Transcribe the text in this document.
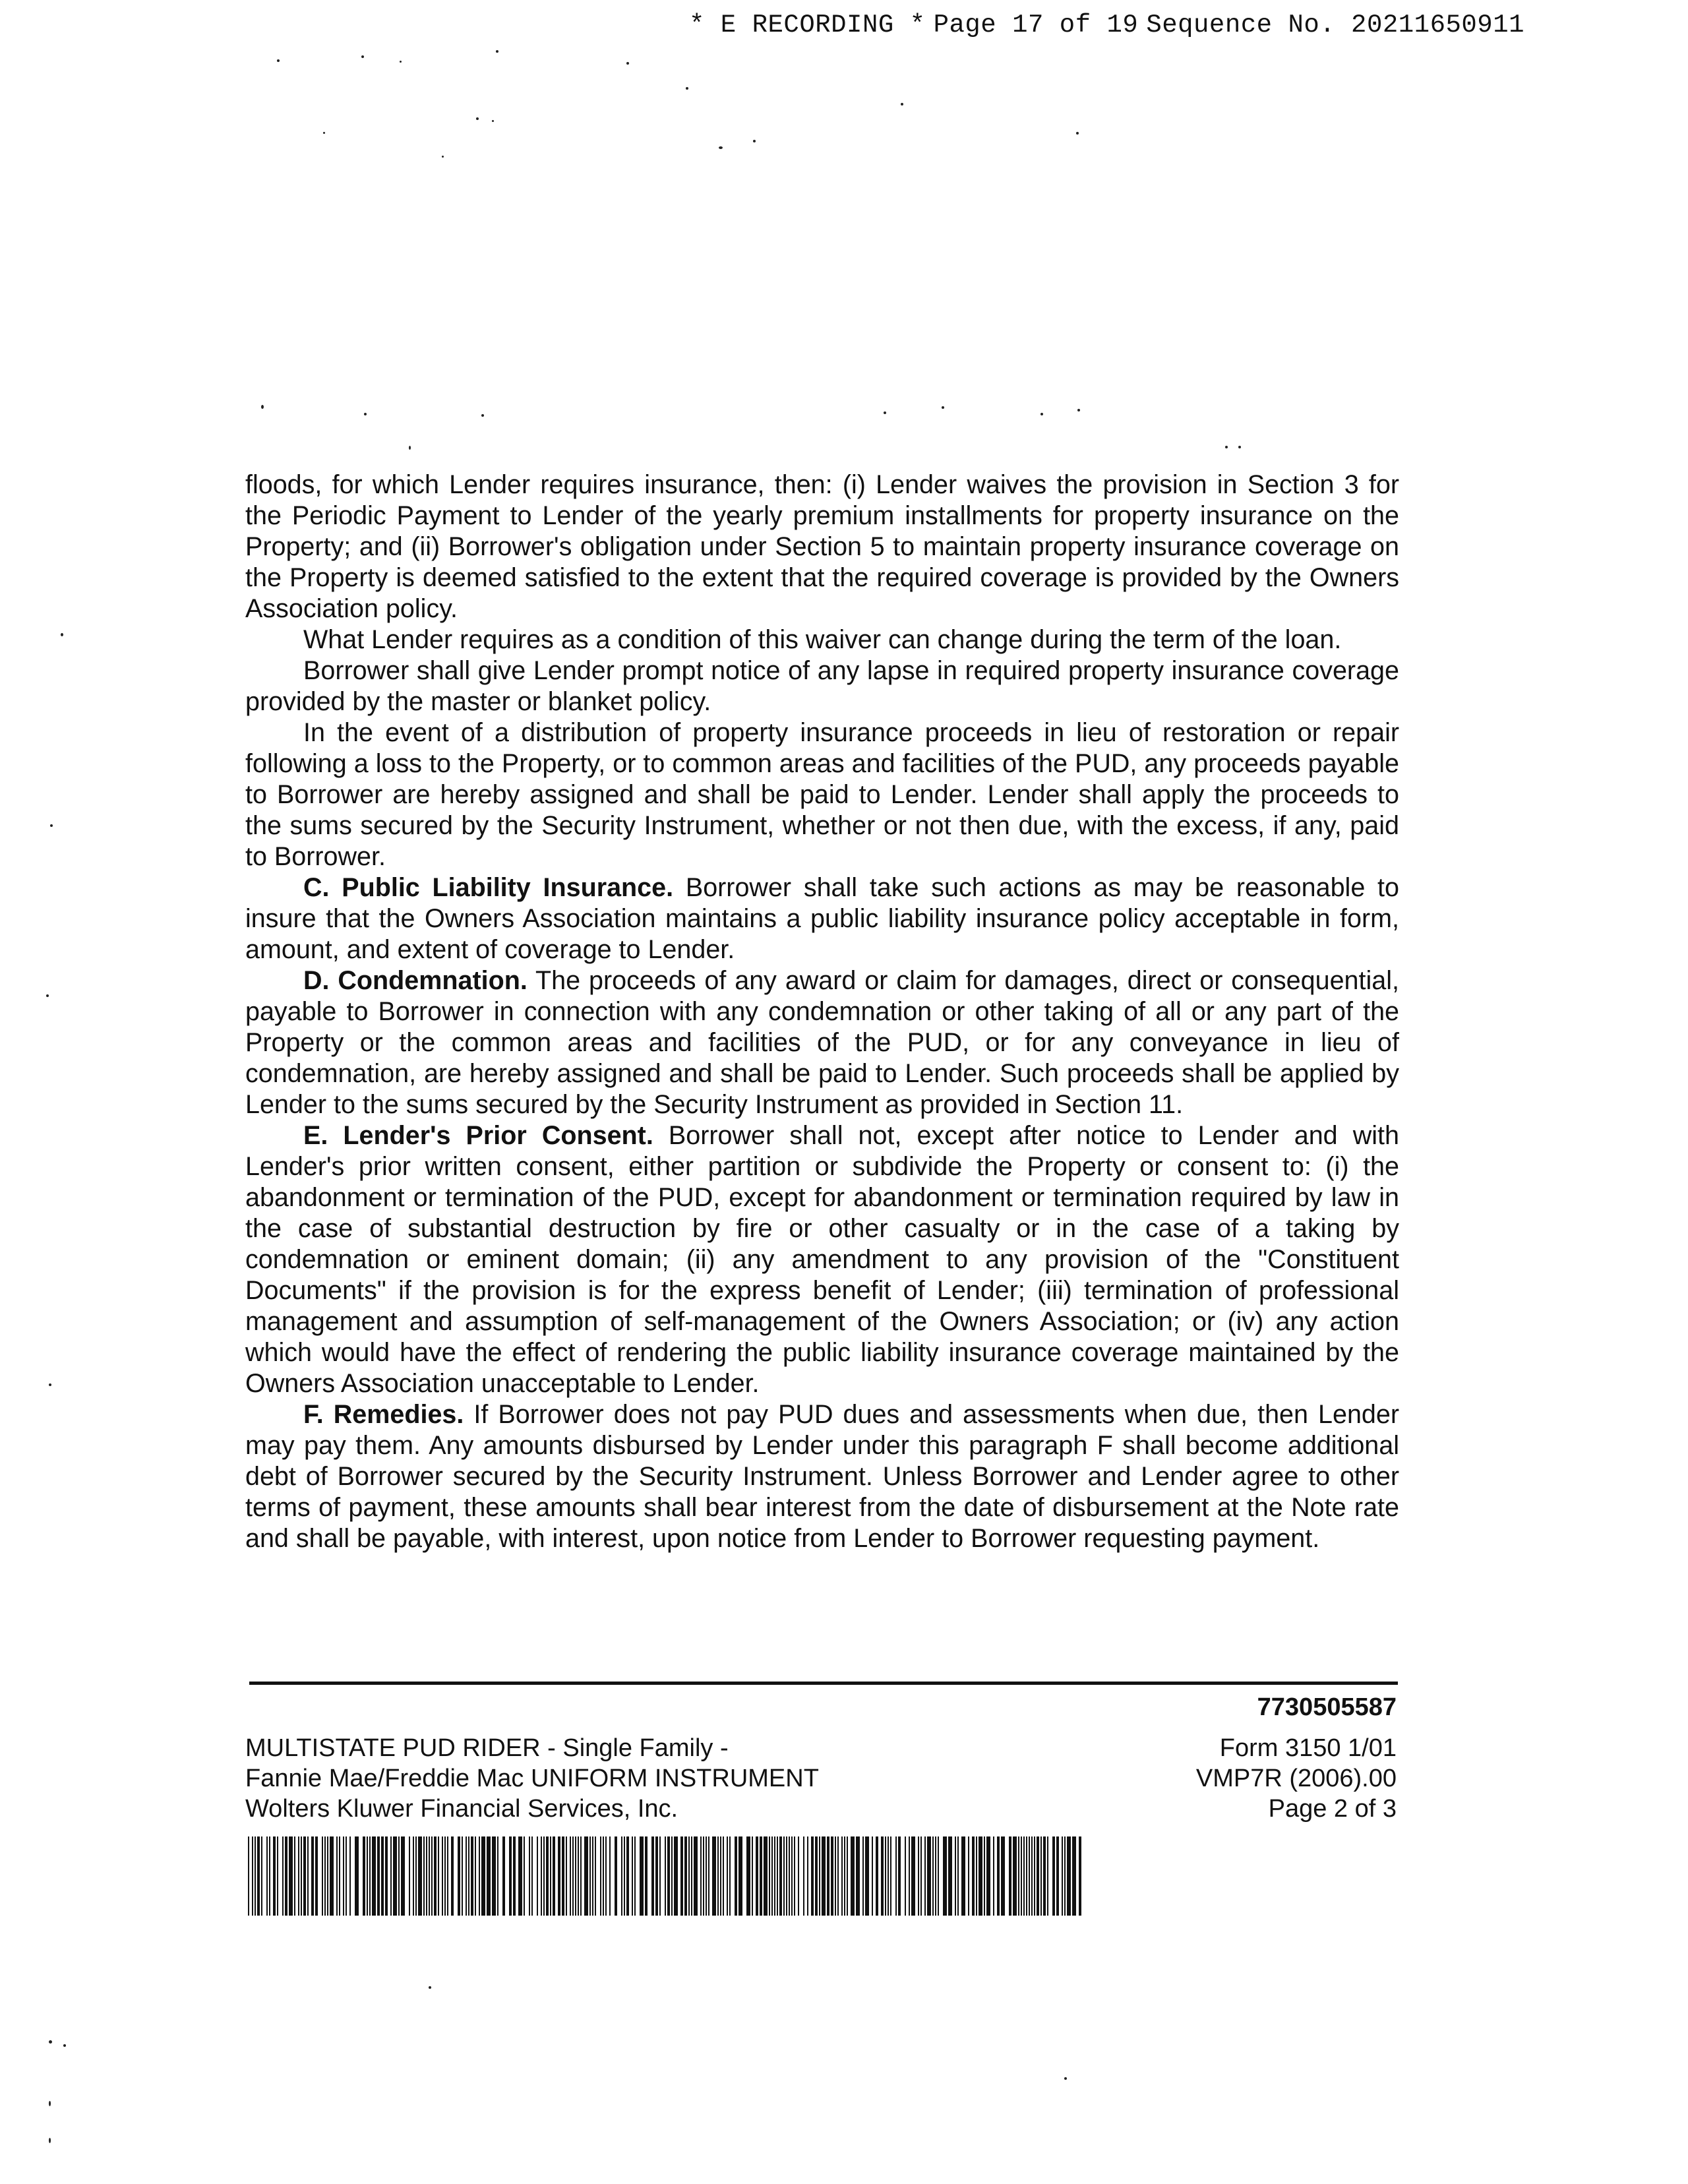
* E RECORDING * Page 17 of 19 Sequence No. 20211650911

floods, for which Lender requires insurance, then: (i) Lender waives the provision in Section 3 for the Periodic Payment to Lender of the yearly premium installments for property insurance on the Property; and (ii) Borrower's obligation under Section 5 to maintain property insurance coverage on the Property is deemed satisfied to the extent that the required coverage is provided by the Owners Association policy.

What Lender requires as a condition of this waiver can change during the term of the loan.

Borrower shall give Lender prompt notice of any lapse in required property insurance coverage provided by the master or blanket policy.

In the event of a distribution of property insurance proceeds in lieu of restoration or repair following a loss to the Property, or to common areas and facilities of the PUD, any proceeds payable to Borrower are hereby assigned and shall be paid to Lender. Lender shall apply the proceeds to the sums secured by the Security Instrument, whether or not then due, with the excess, if any, paid to Borrower.

C. Public Liability Insurance. Borrower shall take such actions as may be reasonable to insure that the Owners Association maintains a public liability insurance policy acceptable in form, amount, and extent of coverage to Lender.

D. Condemnation. The proceeds of any award or claim for damages, direct or consequential, payable to Borrower in connection with any condemnation or other taking of all or any part of the Property or the common areas and facilities of the PUD, or for any conveyance in lieu of condemnation, are hereby assigned and shall be paid to Lender. Such proceeds shall be applied by Lender to the sums secured by the Security Instrument as provided in Section 11.

E. Lender's Prior Consent. Borrower shall not, except after notice to Lender and with Lender's prior written consent, either partition or subdivide the Property or consent to: (i) the abandonment or termination of the PUD, except for abandonment or termination required by law in the case of substantial destruction by fire or other casualty or in the case of a taking by condemnation or eminent domain; (ii) any amendment to any provision of the "Constituent Documents" if the provision is for the express benefit of Lender; (iii) termination of professional management and assumption of self-management of the Owners Association; or (iv) any action which would have the effect of rendering the public liability insurance coverage maintained by the Owners Association unacceptable to Lender.

F. Remedies. If Borrower does not pay PUD dues and assessments when due, then Lender may pay them. Any amounts disbursed by Lender under this paragraph F shall become additional debt of Borrower secured by the Security Instrument. Unless Borrower and Lender agree to other terms of payment, these amounts shall bear interest from the date of disbursement at the Note rate and shall be payable, with interest, upon notice from Lender to Borrower requesting payment.

7730505587
MULTISTATE PUD RIDER - Single Family -
Fannie Mae/Freddie Mac UNIFORM INSTRUMENT
Wolters Kluwer Financial Services, Inc.
Form 3150 1/01
VMP7R (2006).00
Page 2 of 3
